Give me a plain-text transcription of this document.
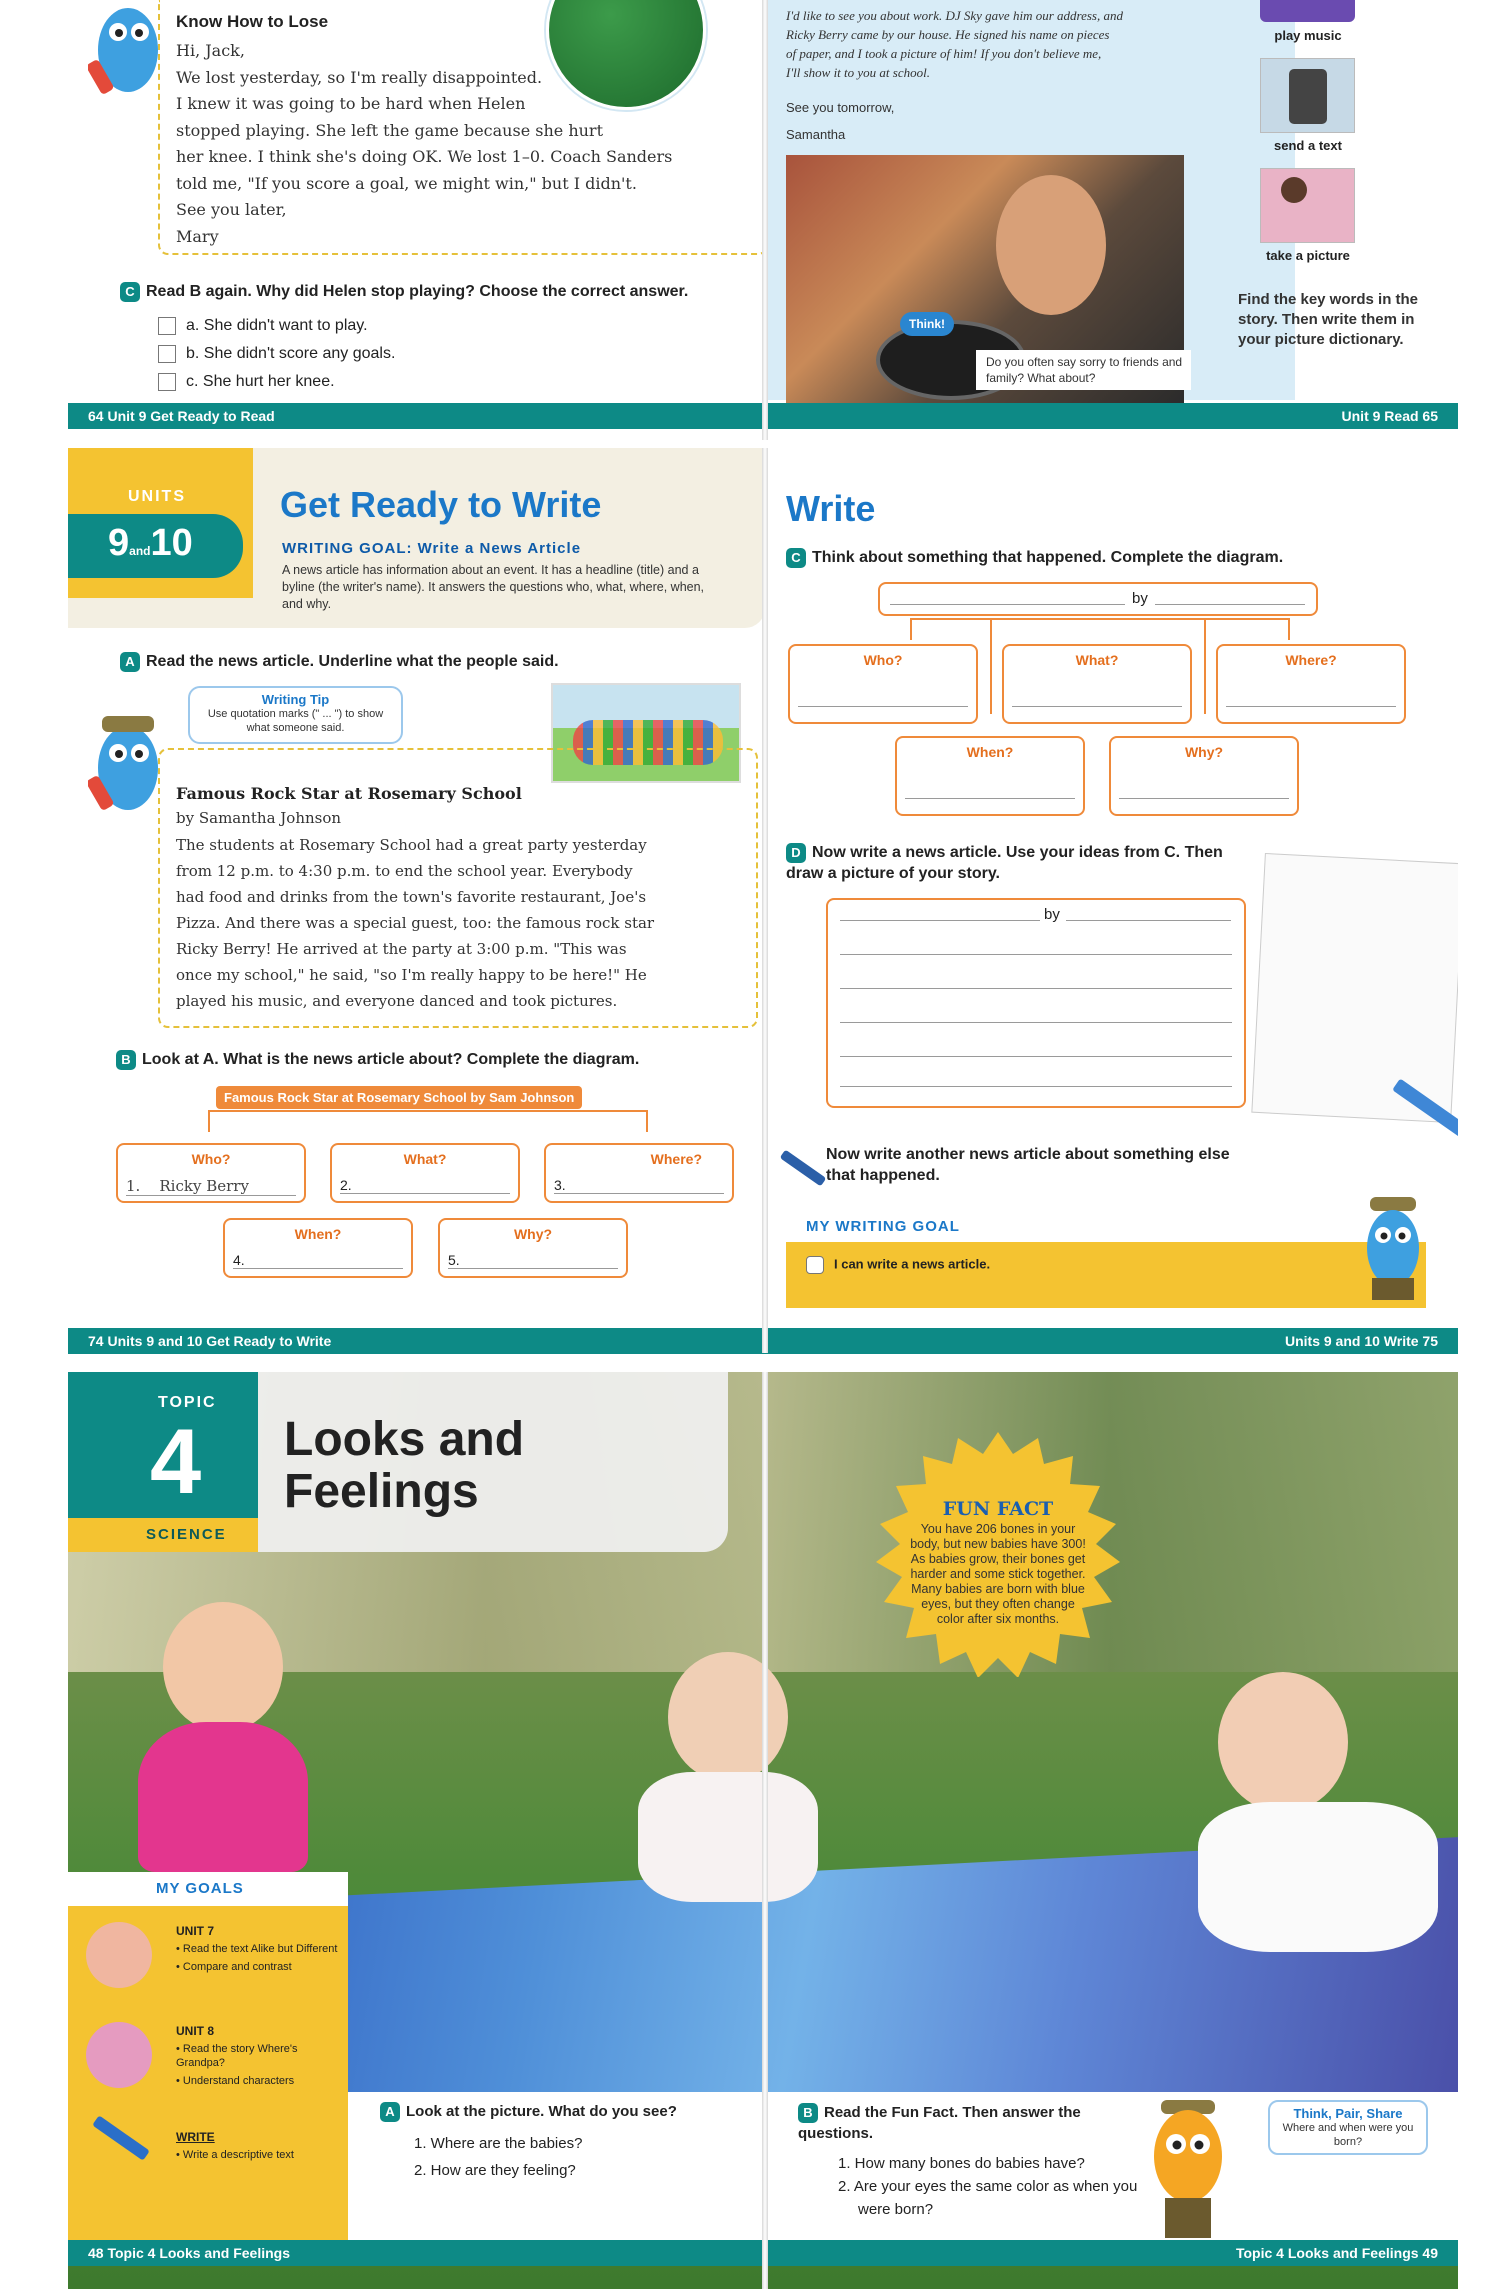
Know How to Lose
Hi, Jack,
We lost yesterday, so I'm really disappointed.
I knew it was going to be hard when Helen
stopped playing. She left the game because she hurt
her knee. I think she's doing OK. We lost 1–0. Coach Sanders
told me, "If you score a goal, we might win," but I didn't.
See you later,
Mary
C Read B again. Why did Helen stop playing? Choose the correct answer.
a. She didn't want to play.
b. She didn't score any goals.
c. She hurt her knee.
I'd like to see you about work. DJ Sky gave him our address, and
Ricky Berry came by our house. He signed his name on pieces
of paper, and I took a picture of him! If you don't believe me,
I'll show it to you at school.
See you tomorrow,
Samantha
Think!
Do you often say sorry to friends and family? What about?
play music
send a text
take a picture
Find the key words in the story. Then write them in your picture dictionary.
64 Unit 9 Get Ready to Read	Unit 9 Read 65
UNITS
9and10
Get Ready to Write
WRITING GOAL: Write a News Article
A news article has information about an event. It has a headline (title) and a byline (the writer's name). It answers the questions who, what, where, when, and why.
A Read the news article. Underline what the people said.
Writing Tip
Use quotation marks (" ... ") to show what someone said.
Famous Rock Star at Rosemary School
by Samantha Johnson
The students at Rosemary School had a great party yesterday
from 12 p.m. to 4:30 p.m. to end the school year. Everybody
had food and drinks from the town's favorite restaurant, Joe's
Pizza. And there was a special guest, too: the famous rock star
Ricky Berry! He arrived at the party at 3:00 p.m. "This was
once my school," he said, "so I'm really happy to be here!" He
played his music, and everyone danced and took pictures.
B Look at A. What is the news article about? Complete the diagram.
Famous Rock Star at Rosemary School by Sam Johnson
Who?
1. Ricky Berry
What?
2.
Where?
3.
When?
4.
Why?
5.
Write
C Think about something that happened. Complete the diagram.
by
Who?	What?	Where?
When?	Why?
D Now write a news article. Use your ideas from C. Then draw a picture of your story.
by
Now write another news article about something else that happened.
MY WRITING GOAL
I can write a news article.
74 Units 9 and 10 Get Ready to Write	Units 9 and 10 Write 75
TOPIC
4
SCIENCE
Looks and
Feelings	FUN FACT
You have 206 bones in your body, but new babies have 300! As babies grow, their bones get harder and some stick together. Many babies are born with blue eyes, but they often change color after six months.
MY GOALS
UNIT 7
• Read the text Alike but Different
• Compare and contrast
UNIT 8
• Read the story Where's Grandpa?
• Understand characters
WRITE
• Write a descriptive text
A Look at the picture. What do you see?
1. Where are the babies?
2. How are they feeling?
B Read the Fun Fact. Then answer the questions.
1. How many bones do babies have?
2. Are your eyes the same color as when you were born?
Think, Pair, Share
Where and when were you born?
48 Topic 4 Looks and Feelings	Topic 4 Looks and Feelings 49
